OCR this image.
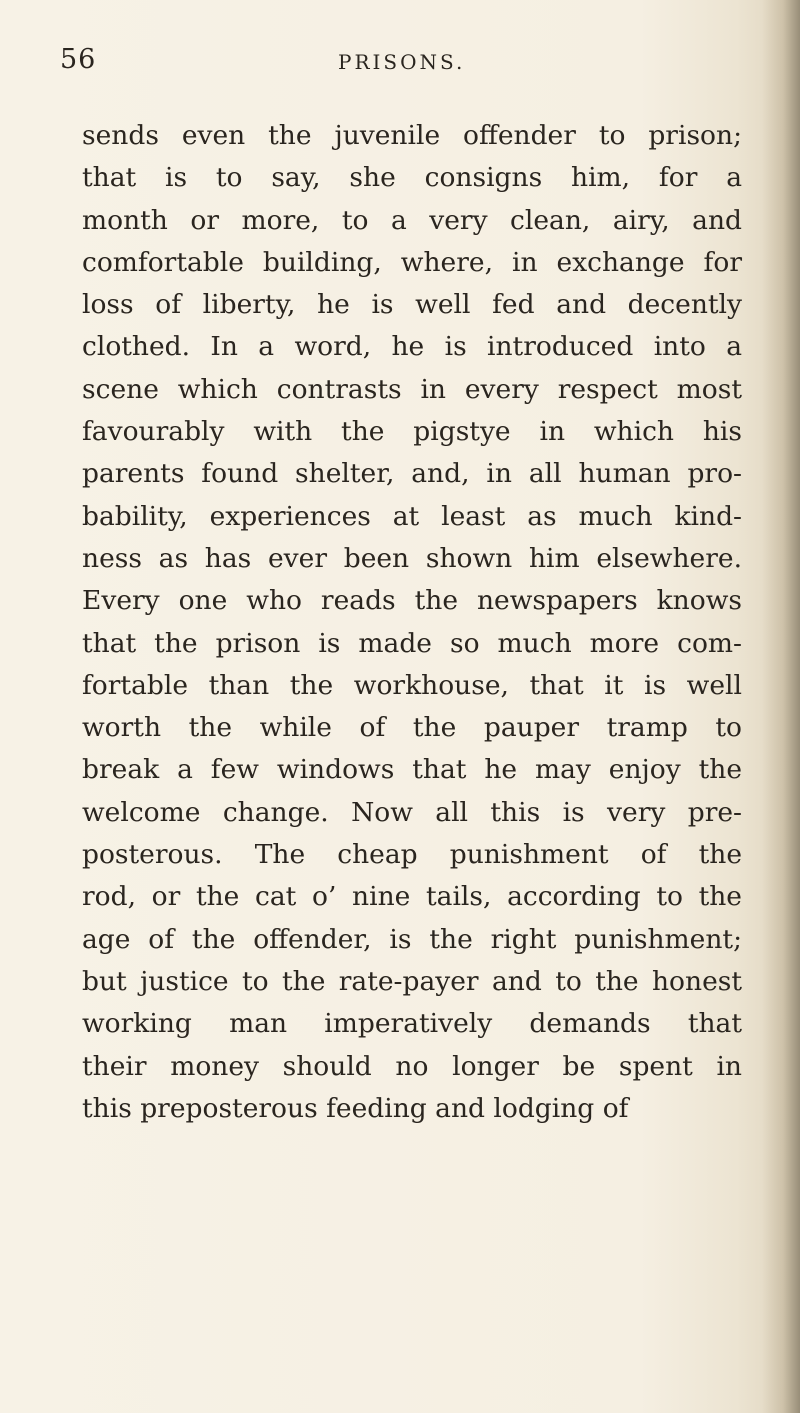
56	PRISONS.
sends even the juvenile offender to prison;
that is to say, she consigns him, for a
month or more, to a very clean, airy, and
comfortable building, where, in exchange for
loss of liberty, he is well fed and decently
clothed. In a word, he is introduced into a
scene which contrasts in every respect most
favourably with the pigstye in which his
parents found shelter, and, in all human pro-
bability, experiences at least as much kind-
ness as has ever been shown him elsewhere.
Every one who reads the newspapers knows
that the prison is made so much more com-
fortable than the workhouse, that it is well
worth the while of the pauper tramp to
break a few windows that he may enjoy the
welcome change. Now all this is very pre-
posterous. The cheap punishment of the
rod, or the cat o’ nine tails, according to the
age of the offender, is the right punishment;
but justice to the rate-payer and to the honest
working man imperatively demands that
their money should no longer be spent in
this preposterous feeding and lodging of
